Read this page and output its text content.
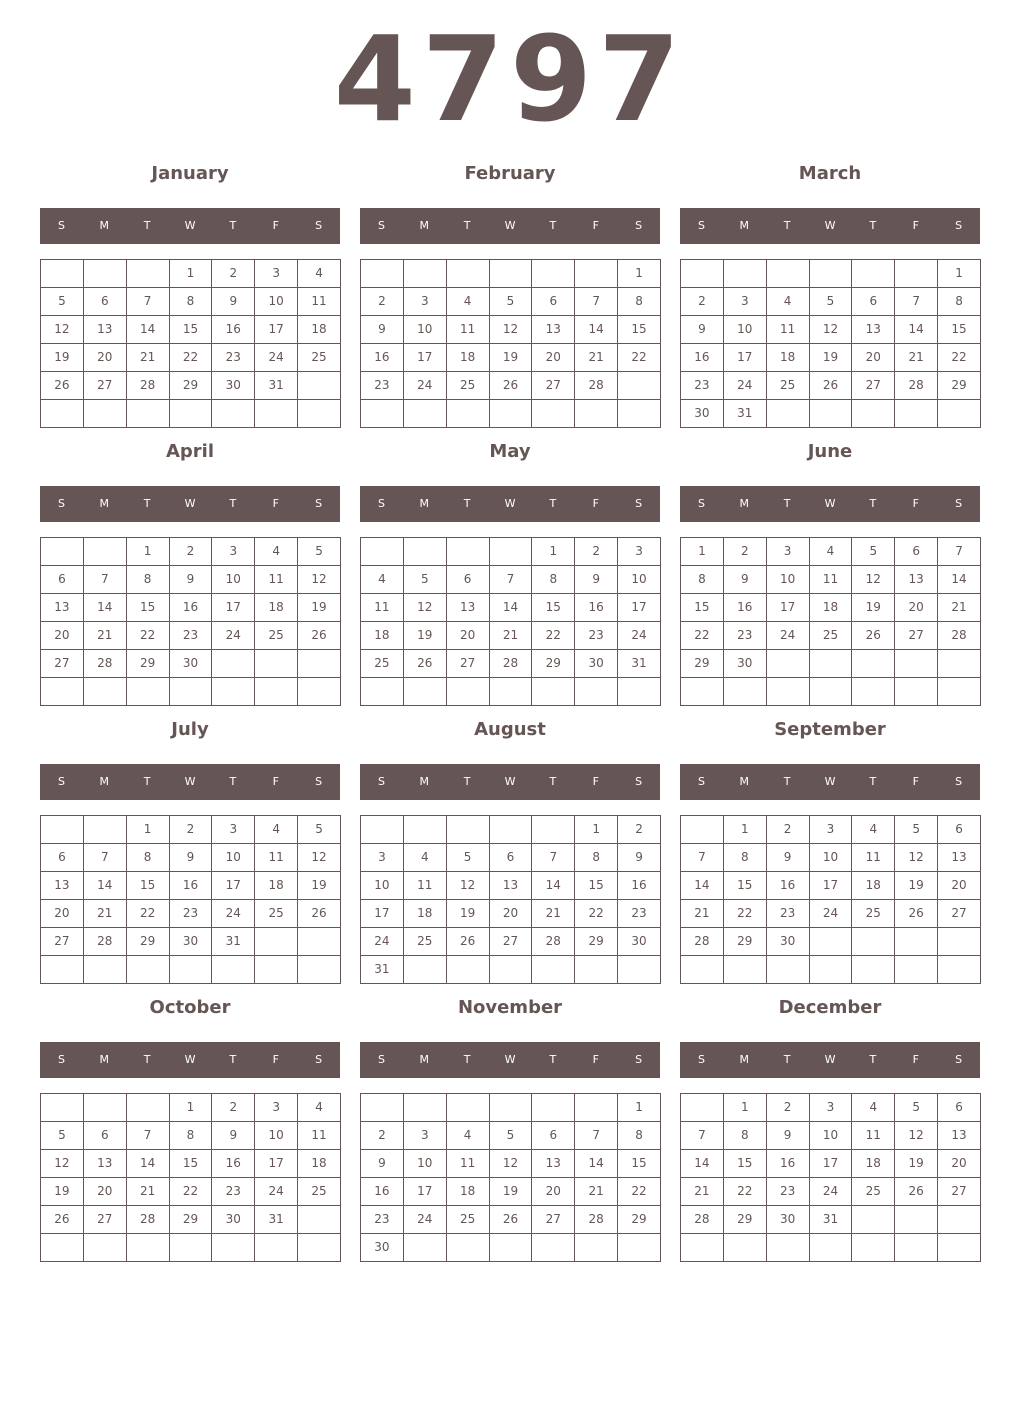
4797
January
S	M	T	W	T	F	S
			1	2	3	4
5	6	7	8	9	10	11
12	13	14	15	16	17	18
19	20	21	22	23	24	25
26	27	28	29	30	31	

February
S	M	T	W	T	F	S
						1
2	3	4	5	6	7	8
9	10	11	12	13	14	15
16	17	18	19	20	21	22
23	24	25	26	27	28	

March
S	M	T	W	T	F	S
						1
2	3	4	5	6	7	8
9	10	11	12	13	14	15
16	17	18	19	20	21	22
23	24	25	26	27	28	29
30	31					
April
S	M	T	W	T	F	S
		1	2	3	4	5
6	7	8	9	10	11	12
13	14	15	16	17	18	19
20	21	22	23	24	25	26
27	28	29	30			

May
S	M	T	W	T	F	S
				1	2	3
4	5	6	7	8	9	10
11	12	13	14	15	16	17
18	19	20	21	22	23	24
25	26	27	28	29	30	31

June
S	M	T	W	T	F	S
1	2	3	4	5	6	7
8	9	10	11	12	13	14
15	16	17	18	19	20	21
22	23	24	25	26	27	28
29	30					

July
S	M	T	W	T	F	S
		1	2	3	4	5
6	7	8	9	10	11	12
13	14	15	16	17	18	19
20	21	22	23	24	25	26
27	28	29	30	31		

August
S	M	T	W	T	F	S
					1	2
3	4	5	6	7	8	9
10	11	12	13	14	15	16
17	18	19	20	21	22	23
24	25	26	27	28	29	30
31						
September
S	M	T	W	T	F	S
	1	2	3	4	5	6
7	8	9	10	11	12	13
14	15	16	17	18	19	20
21	22	23	24	25	26	27
28	29	30				

October
S	M	T	W	T	F	S
			1	2	3	4
5	6	7	8	9	10	11
12	13	14	15	16	17	18
19	20	21	22	23	24	25
26	27	28	29	30	31	

November
S	M	T	W	T	F	S
						1
2	3	4	5	6	7	8
9	10	11	12	13	14	15
16	17	18	19	20	21	22
23	24	25	26	27	28	29
30						
December
S	M	T	W	T	F	S
	1	2	3	4	5	6
7	8	9	10	11	12	13
14	15	16	17	18	19	20
21	22	23	24	25	26	27
28	29	30	31			
